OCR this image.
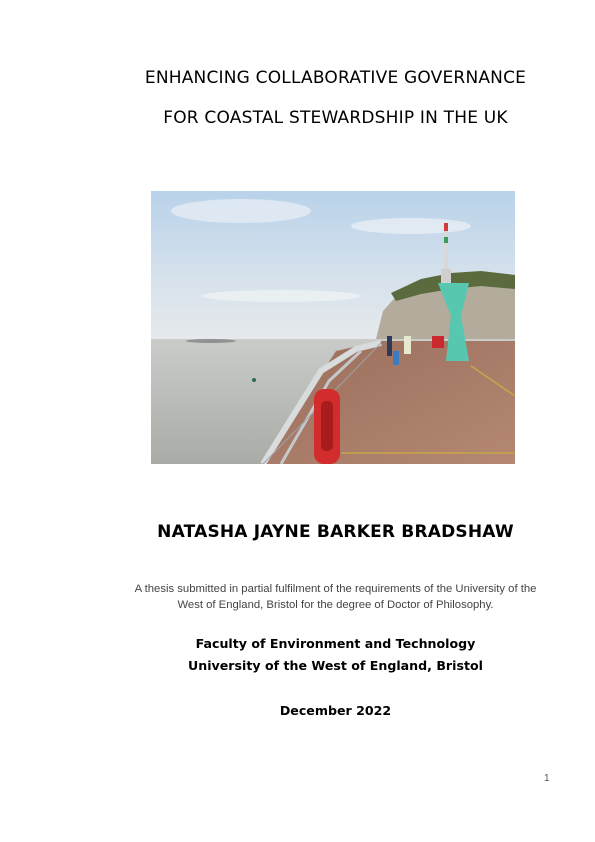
ENHANCING COLLABORATIVE GOVERNANCE
FOR COASTAL STEWARDSHIP IN THE UK
NATASHA JAYNE BARKER BRADSHAW
A thesis submitted in partial fulfilment of the requirements of the University of the
West of England, Bristol for the degree of Doctor of Philosophy.
Faculty of Environment and Technology
University of the West of England, Bristol
December 2022
1
